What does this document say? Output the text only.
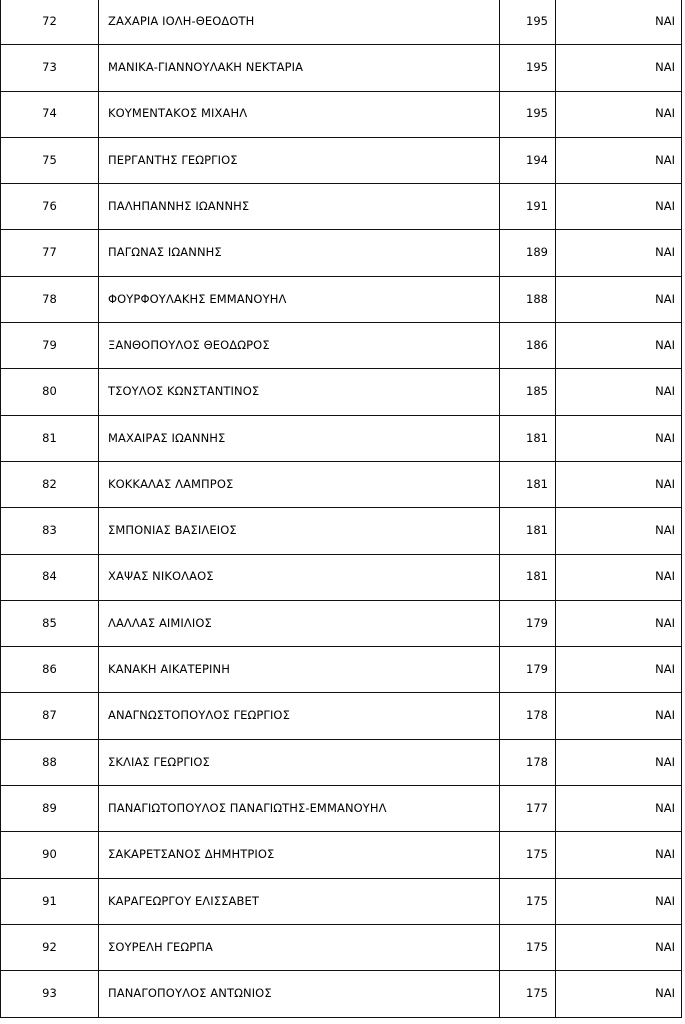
72	ΖΑΧΑΡΙΑ ΙΟΛΗ-ΘΕΟΔΟΤΗ	195	ΝΑΙ
73	ΜΑΝΙΚΑ-ΓΙΑΝΝΟΥΛΑΚΗ ΝΕΚΤΑΡΙΑ	195	ΝΑΙ
74	ΚΟΥΜΕΝΤΑΚΟΣ ΜΙΧΑΗΛ	195	ΝΑΙ
75	ΠΕΡΓΑΝΤΗΣ ΓΕΩΡΓΙΟΣ	194	ΝΑΙ
76	ΠΑΛΗΠΑΝΝΗΣ ΙΩΑΝΝΗΣ	191	ΝΑΙ
77	ΠΑΓΩΝΑΣ ΙΩΑΝΝΗΣ	189	ΝΑΙ
78	ΦΟΥΡΦΟΥΛΑΚΗΣ ΕΜΜΑΝΟΥΗΛ	188	ΝΑΙ
79	ΞΑΝΘΟΠΟΥΛΟΣ ΘΕΟΔΩΡΟΣ	186	ΝΑΙ
80	ΤΣΟΥΛΟΣ ΚΩΝΣΤΑΝΤΙΝΟΣ	185	ΝΑΙ
81	ΜΑΧΑΙΡΑΣ ΙΩΑΝΝΗΣ	181	ΝΑΙ
82	ΚΟΚΚΑΛΑΣ ΛΑΜΠΡΟΣ	181	ΝΑΙ
83	ΣΜΠΟΝΙΑΣ ΒΑΣΙΛΕΙΟΣ	181	ΝΑΙ
84	ΧΑΨΑΣ ΝΙΚΟΛΑΟΣ	181	ΝΑΙ
85	ΛΑΛΛΑΣ ΑΙΜΙΛΙΟΣ	179	ΝΑΙ
86	ΚΑΝΑΚΗ ΑΙΚΑΤΕΡΙΝΗ	179	ΝΑΙ
87	ΑΝΑΓΝΩΣΤΟΠΟΥΛΟΣ ΓΕΩΡΓΙΟΣ	178	ΝΑΙ
88	ΣΚΛΙΑΣ ΓΕΩΡΓΙΟΣ	178	ΝΑΙ
89	ΠΑΝΑΓΙΩΤΟΠΟΥΛΟΣ ΠΑΝΑΓΙΩΤΗΣ-ΕΜΜΑΝΟΥΗΛ	177	ΝΑΙ
90	ΣΑΚΑΡΕΤΣΑΝΟΣ ΔΗΜΗΤΡΙΟΣ	175	ΝΑΙ
91	ΚΑΡΑΓΕΩΡΓΟΥ ΕΛΙΣΣΑΒΕΤ	175	ΝΑΙ
92	ΣΟΥΡΕΛΗ ΓΕΩΡΠΑ	175	ΝΑΙ
93	ΠΑΝΑΓΟΠΟΥΛΟΣ ΑΝΤΩΝΙΟΣ	175	ΝΑΙ
